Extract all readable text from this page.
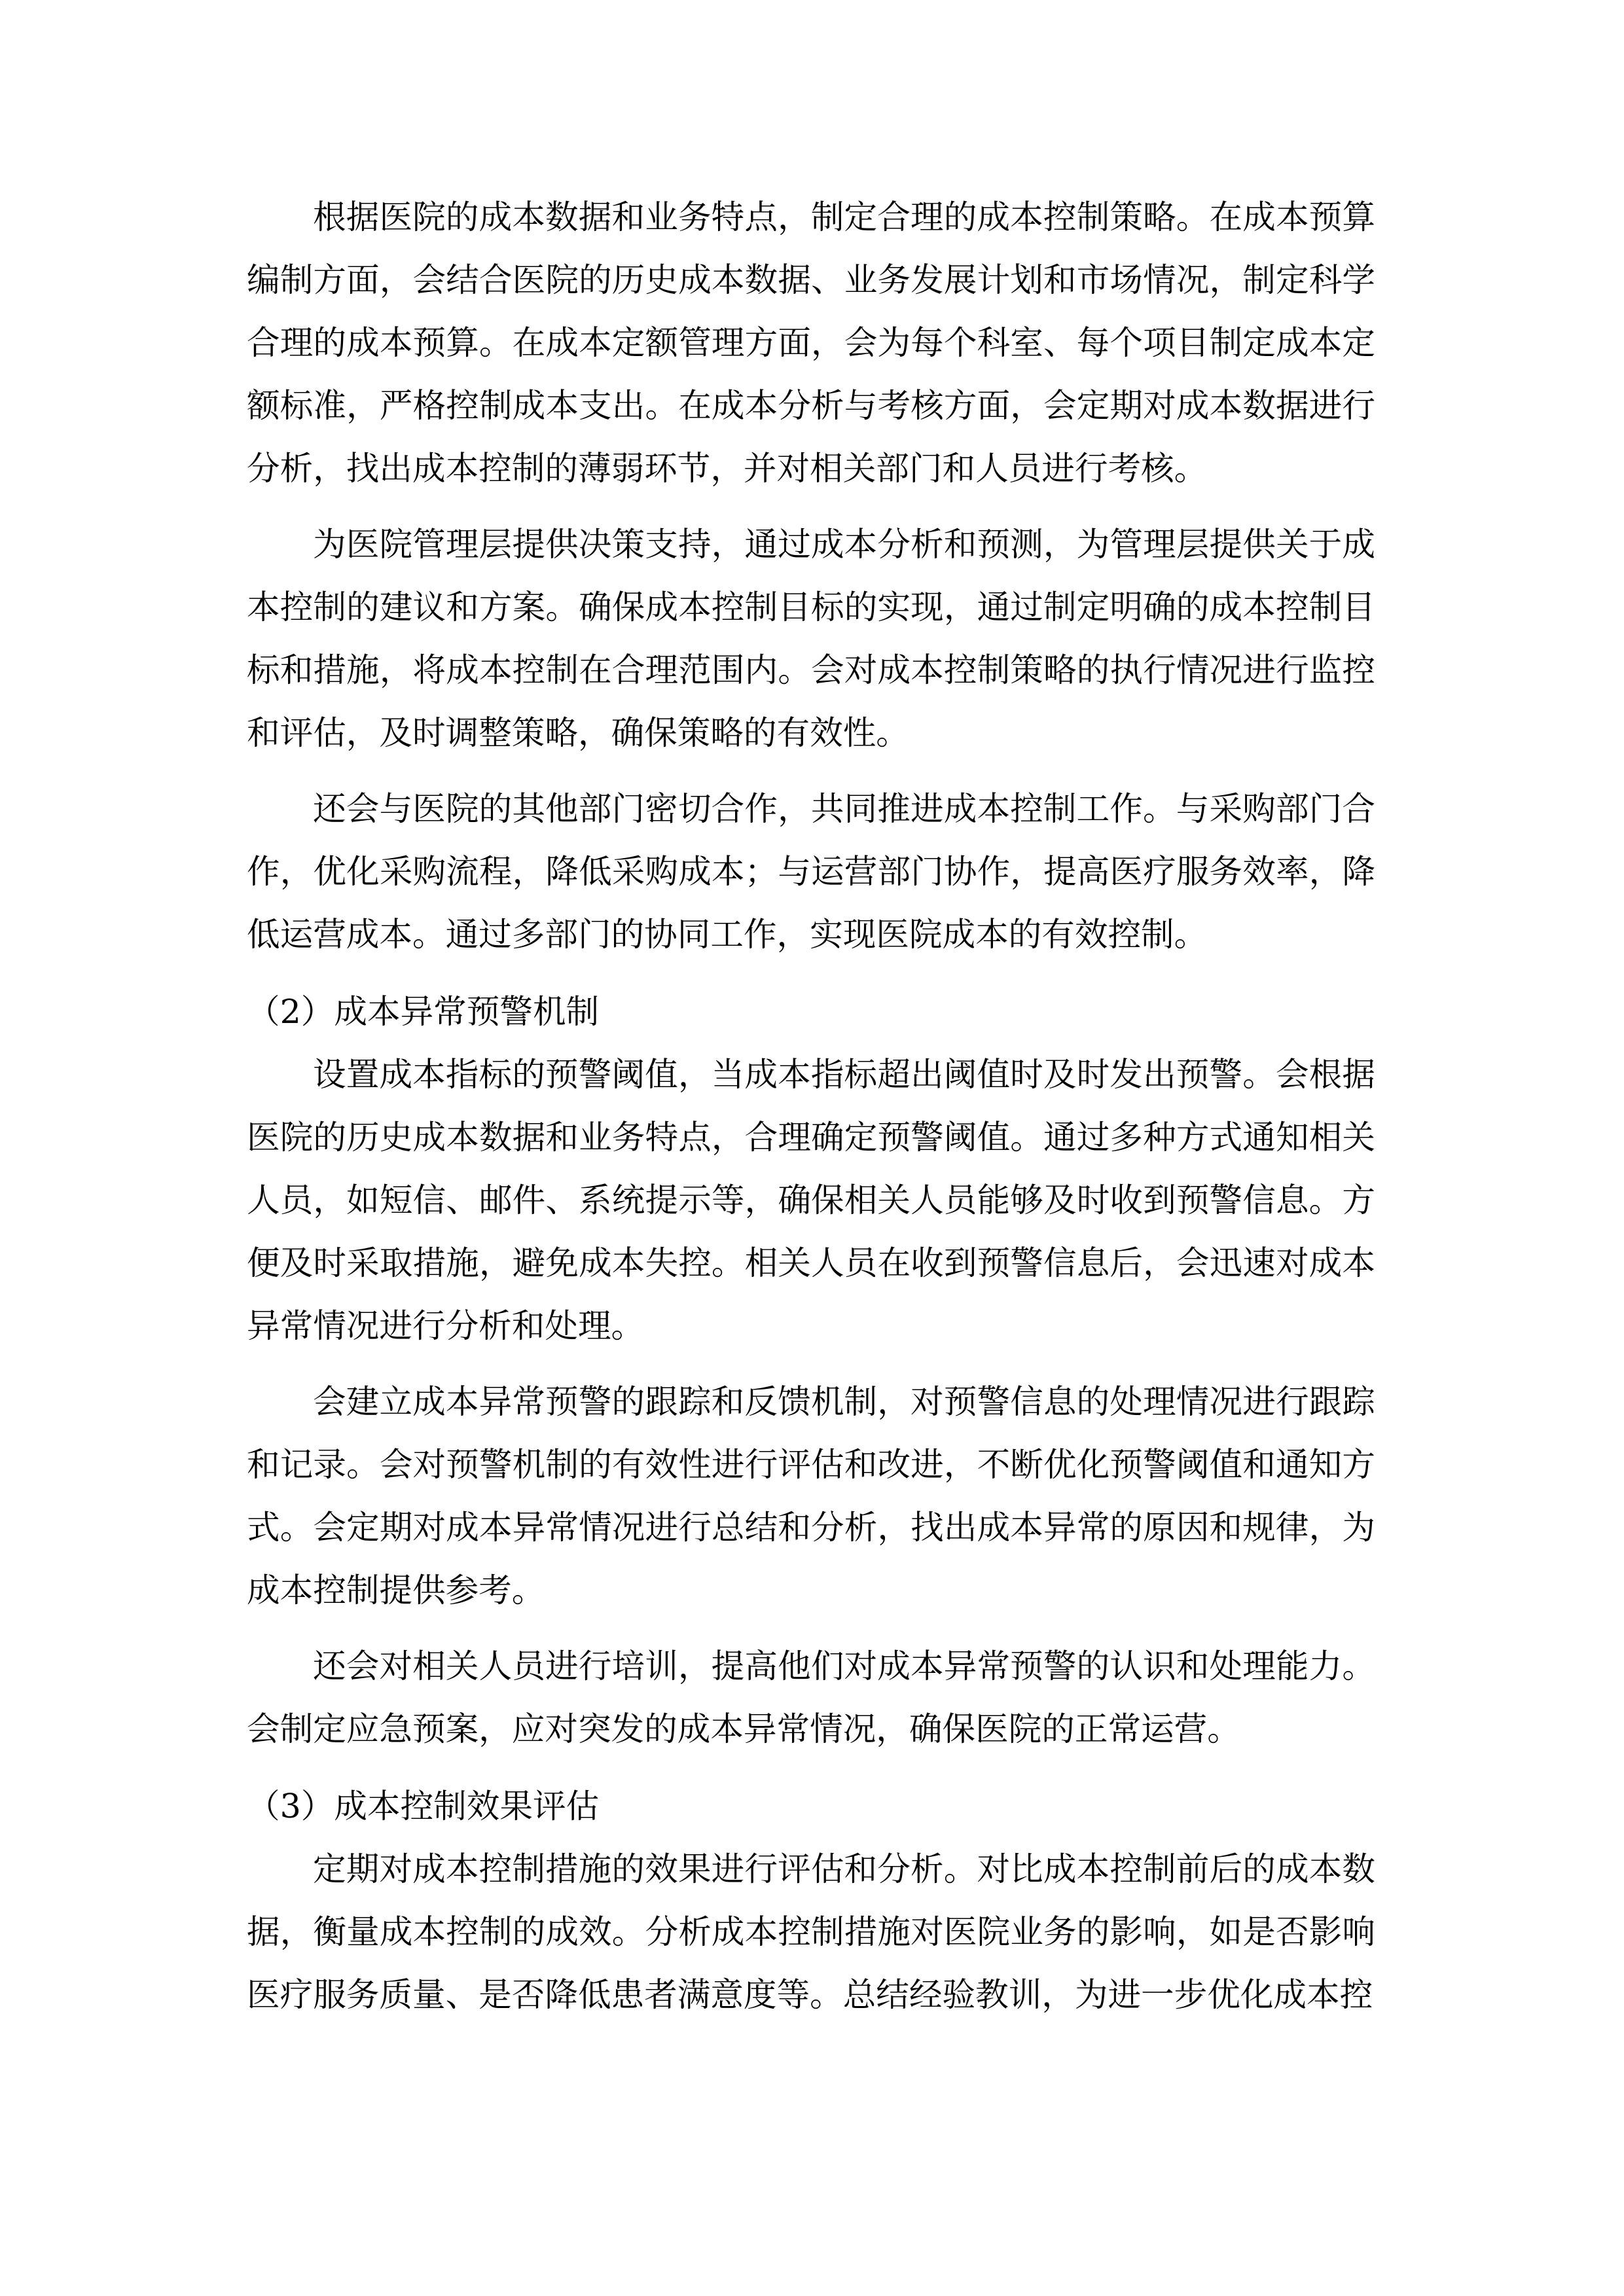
根据医院的成本数据和业务特点，制定合理的成本控制策略。在成本预算编制方面，会结合医院的历史成本数据、业务发展计划和市场情况，制定科学合理的成本预算。在成本定额管理方面，会为每个科室、每个项目制定成本定额标准，严格控制成本支出。在成本分析与考核方面，会定期对成本数据进行分析，找出成本控制的薄弱环节，并对相关部门和人员进行考核。

为医院管理层提供决策支持，通过成本分析和预测，为管理层提供关于成本控制的建议和方案。确保成本控制目标的实现，通过制定明确的成本控制目标和措施，将成本控制在合理范围内。会对成本控制策略的执行情况进行监控和评估，及时调整策略，确保策略的有效性。

还会与医院的其他部门密切合作，共同推进成本控制工作。与采购部门合作，优化采购流程，降低采购成本；与运营部门协作，提高医疗服务效率，降低运营成本。通过多部门的协同工作，实现医院成本的有效控制。

（2）成本异常预警机制

设置成本指标的预警阈值，当成本指标超出阈值时及时发出预警。会根据医院的历史成本数据和业务特点，合理确定预警阈值。通过多种方式通知相关人员，如短信、邮件、系统提示等，确保相关人员能够及时收到预警信息。方便及时采取措施，避免成本失控。相关人员在收到预警信息后，会迅速对成本异常情况进行分析和处理。

会建立成本异常预警的跟踪和反馈机制，对预警信息的处理情况进行跟踪和记录。会对预警机制的有效性进行评估和改进，不断优化预警阈值和通知方式。会定期对成本异常情况进行总结和分析，找出成本异常的原因和规律，为成本控制提供参考。

还会对相关人员进行培训，提高他们对成本异常预警的认识和处理能力。会制定应急预案，应对突发的成本异常情况，确保医院的正常运营。

（3）成本控制效果评估

定期对成本控制措施的效果进行评估和分析。对比成本控制前后的成本数据，衡量成本控制的成效。分析成本控制措施对医院业务的影响，如是否影响医疗服务质量、是否降低患者满意度等。总结经验教训，为进一步优化成本控
